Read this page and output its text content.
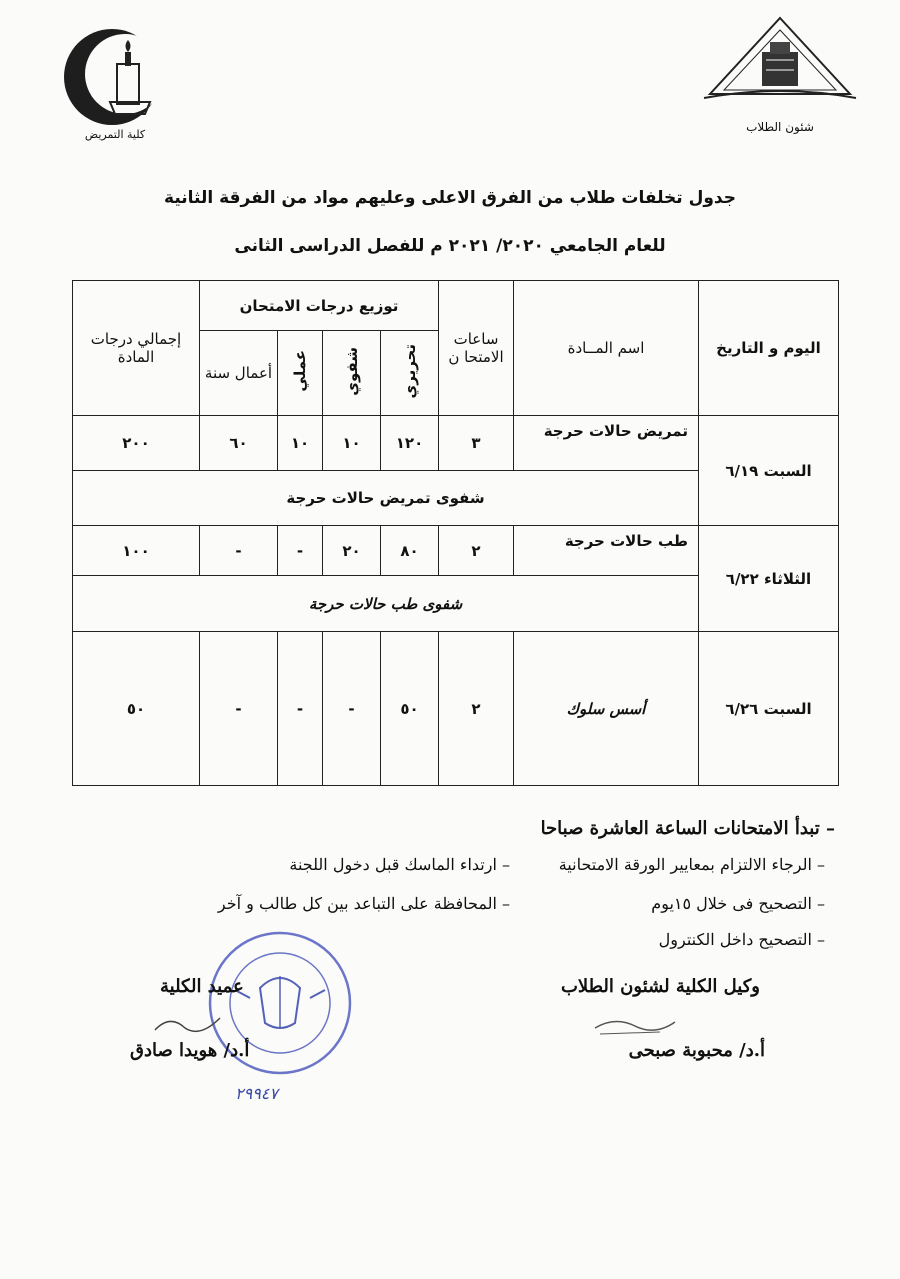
شئون الطلاب
كلية التمريض
جدول تخلفات طلاب من الفرق الاعلى وعليهم مواد من الفرقة الثانية
للعام الجامعي ٢٠٢٠/ ٢٠٢١ م للفصل الدراسى الثانى
اليوم و التاريخ	اسم المــادة	ساعات الامتحا ن	توزيع درجات الامتحان				إجمالي درجات المادة
			تحريري	شفوي	عملي	أعمال سنة	
السبت ٦/١٩	تمريض حالات حرجة	٣	١٢٠	١٠	١٠	٦٠	٢٠٠
	شفوى تمريض حالات حرجة						
الثلاثاء ٦/٢٢	طب حالات حرجة	٢	٨٠	٢٠	-	-	١٠٠
	شفوى طب حالات حرجة						
السبت ٦/٢٦	أسس سلوك	٢	٥٠	-	-	-	٥٠
– تبدأ الامتحانات الساعة العاشرة صباحا
– الرجاء الالتزام بمعايير الورقة الامتحانية
– ارتداء الماسك قبل دخول اللجنة
– التصحيح فى خلال ١٥يوم
– المحافظة على التباعد بين كل طالب و آخر
– التصحيح داخل الكنترول
وكيل الكلية لشئون الطلاب
أ.د/ محبوبة صبحى
عميد الكلية
أ.د/ هويدا صادق
٢٩٩٤٧
